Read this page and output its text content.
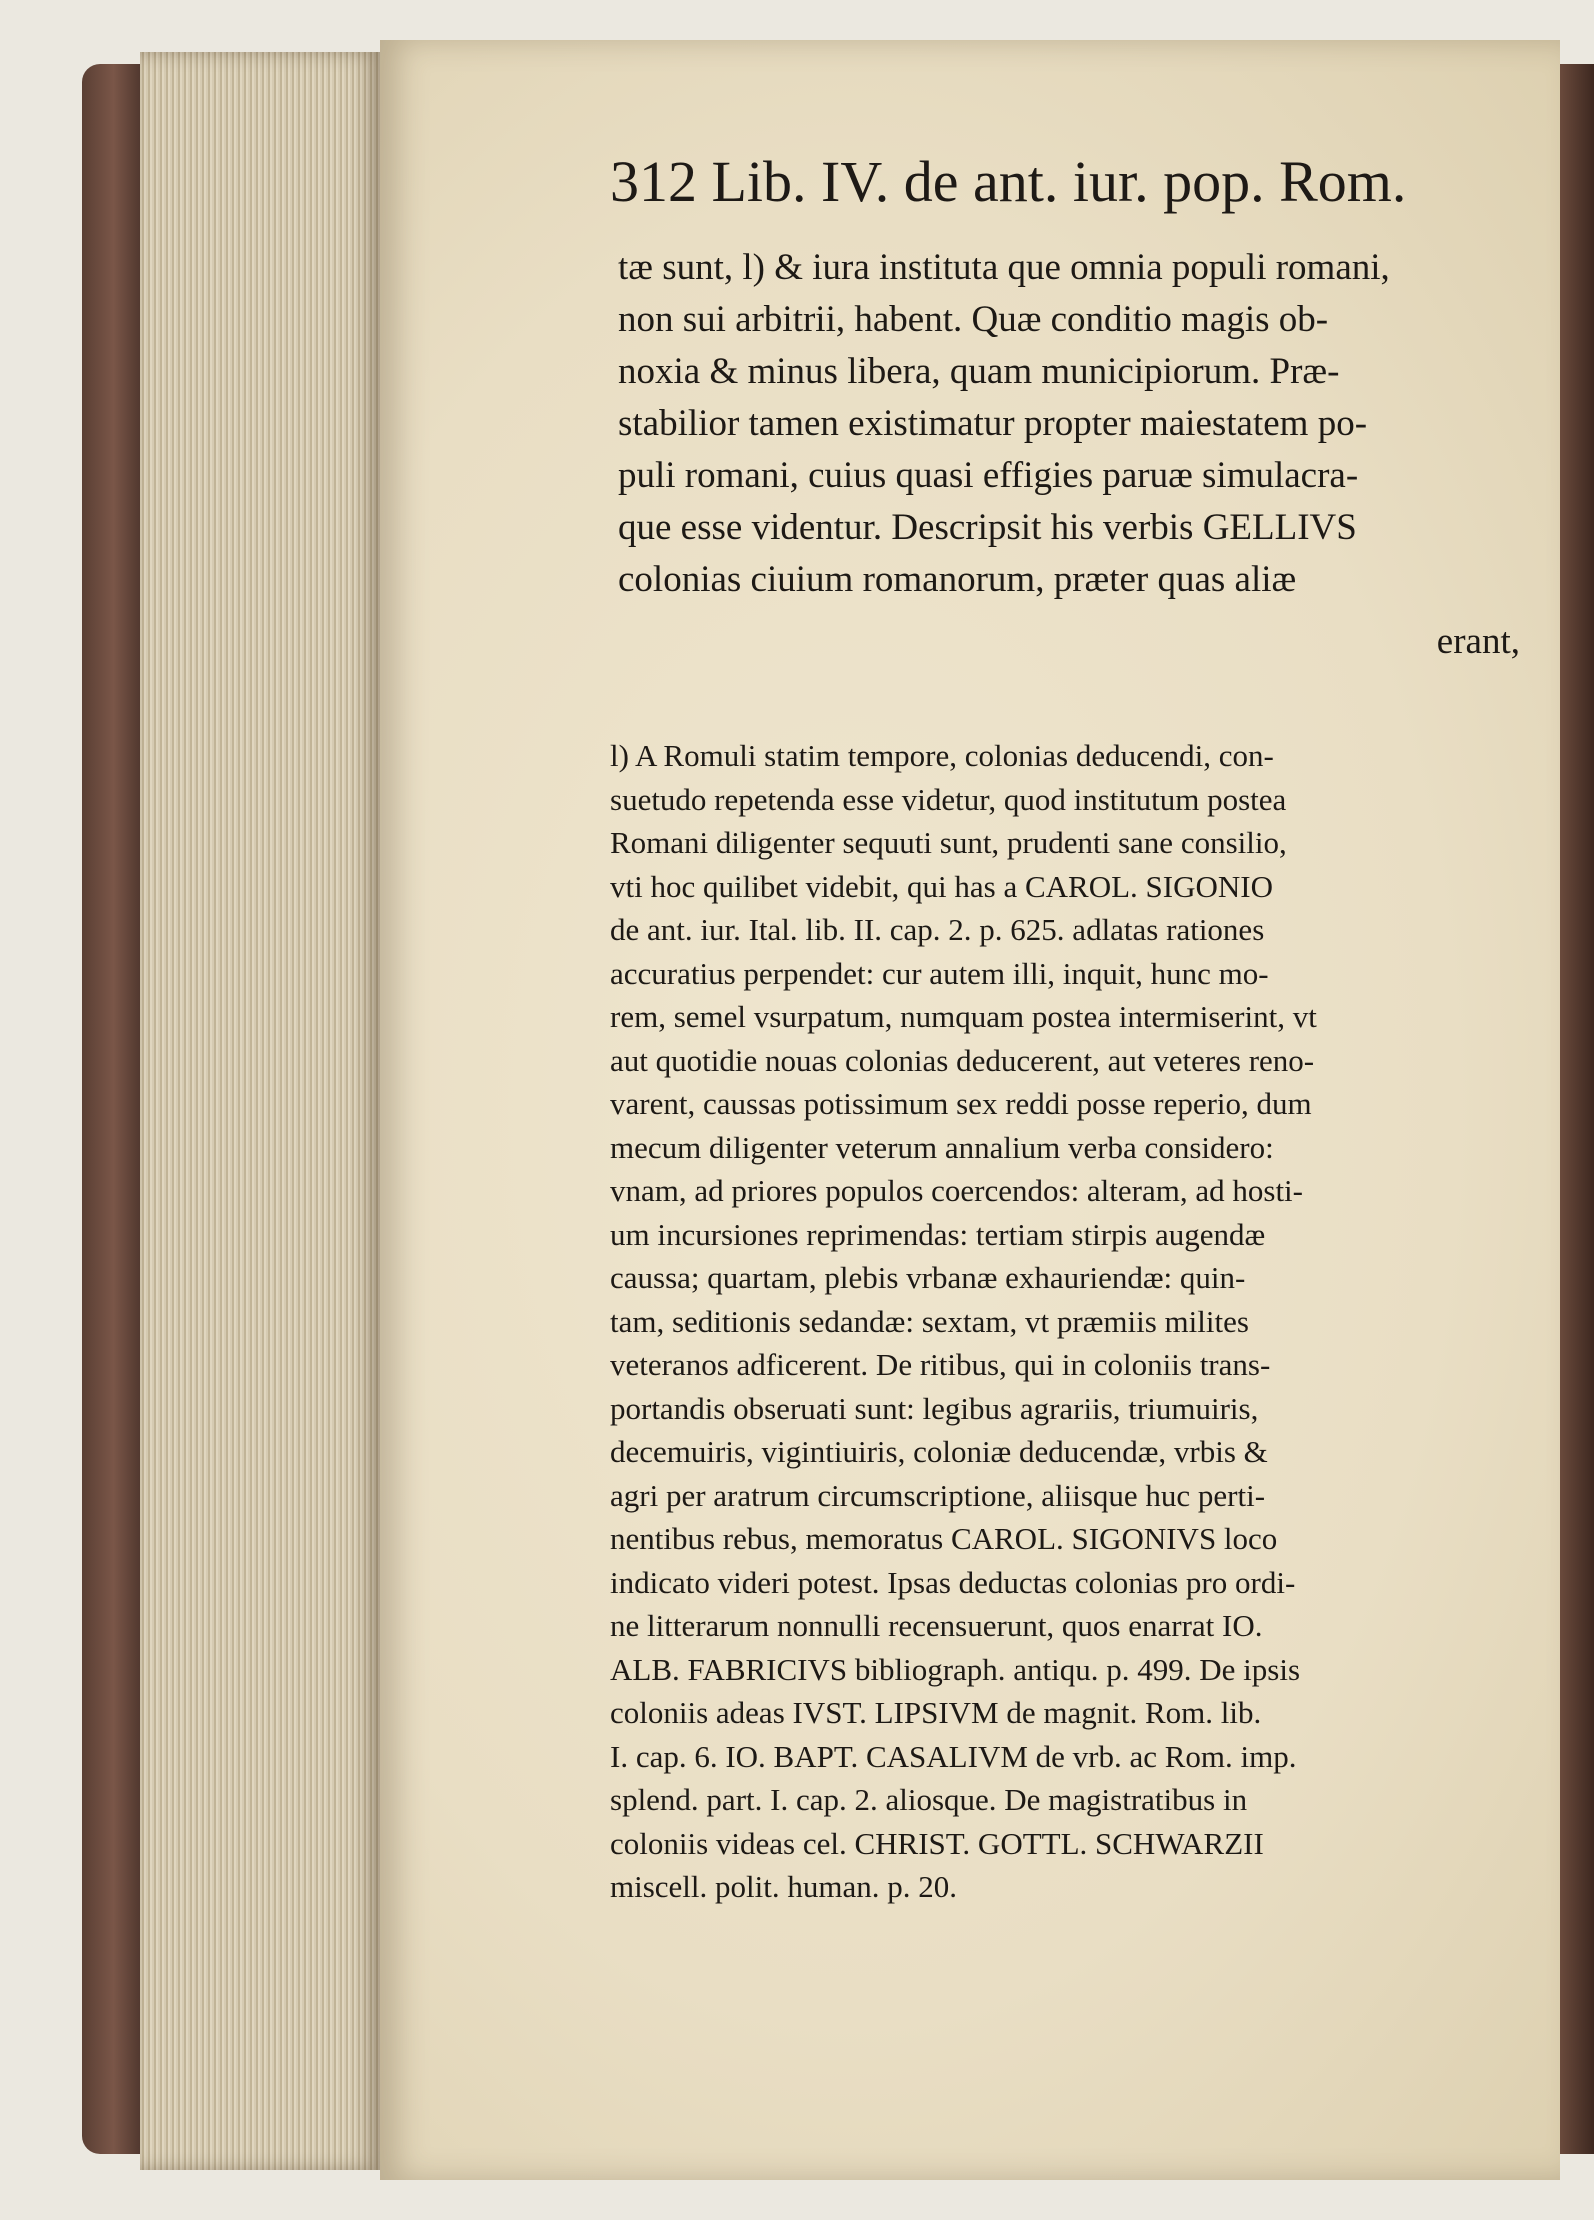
312 Lib. IV. de ant. iur. pop. Rom.
tæ sunt, l) & iura instituta que omnia populi romani,
non sui arbitrii, habent. Quæ conditio magis ob-
noxia & minus libera, quam municipiorum. Præ-
stabilior tamen existimatur propter maiestatem po-
puli romani, cuius quasi effigies paruæ simulacra-
que esse videntur. Descripsit his verbis GELLIVS
colonias ciuium romanorum, præter quas aliæ
erant,
l) A Romuli statim tempore, colonias deducendi, con-
suetudo repetenda esse videtur, quod institutum postea
Romani diligenter sequuti sunt, prudenti sane consilio,
vti hoc quilibet videbit, qui has a CAROL. SIGONIO
de ant. iur. Ital. lib. II. cap. 2. p. 625. adlatas rationes
accuratius perpendet: cur autem illi, inquit, hunc mo-
rem, semel vsurpatum, numquam postea intermiserint, vt
aut quotidie nouas colonias deducerent, aut veteres reno-
varent, caussas potissimum sex reddi posse reperio, dum
mecum diligenter veterum annalium verba considero:
vnam, ad priores populos coercendos: alteram, ad hosti-
um incursiones reprimendas: tertiam stirpis augendæ
caussa; quartam, plebis vrbanæ exhauriendæ: quin-
tam, seditionis sedandæ: sextam, vt præmiis milites
veteranos adficerent. De ritibus, qui in coloniis trans-
portandis obseruati sunt: legibus agrariis, triumuiris,
decemuiris, vigintiuiris, coloniæ deducendæ, vrbis &
agri per aratrum circumscriptione, aliisque huc perti-
nentibus rebus, memoratus CAROL. SIGONIVS loco
indicato videri potest. Ipsas deductas colonias pro ordi-
ne litterarum nonnulli recensuerunt, quos enarrat IO.
ALB. FABRICIVS bibliograph. antiqu. p. 499. De ipsis
coloniis adeas IVST. LIPSIVM de magnit. Rom. lib.
I. cap. 6. IO. BAPT. CASALIVM de vrb. ac Rom. imp.
splend. part. I. cap. 2. aliosque. De magistratibus in
coloniis videas cel. CHRIST. GOTTL. SCHWARZII
miscell. polit. human. p. 20.
